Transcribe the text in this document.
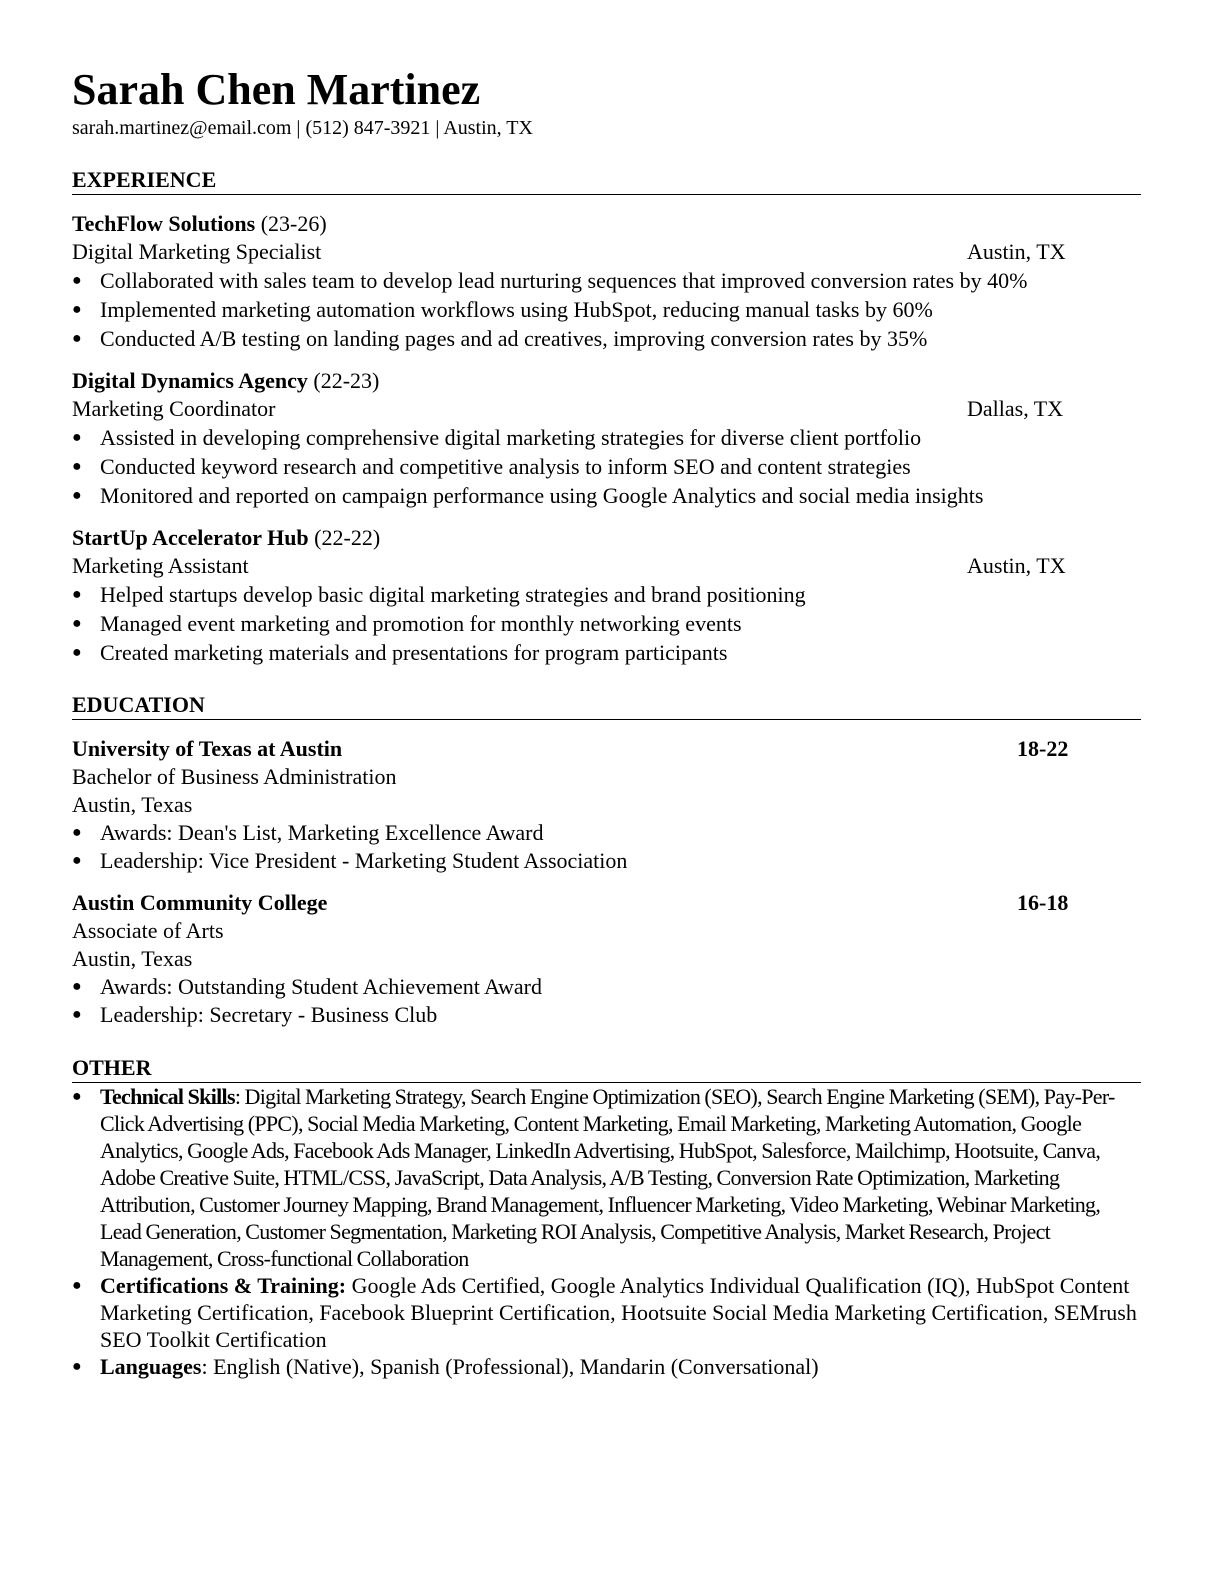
Sarah Chen Martinez
sarah.martinez@email.com | (512) 847-3921 | Austin, TX
EXPERIENCE
TechFlow Solutions (23-26)
Digital Marketing Specialist	Austin, TX
● Collaborated with sales team to develop lead nurturing sequences that improved conversion rates by 40%
● Implemented marketing automation workflows using HubSpot, reducing manual tasks by 60%
● Conducted A/B testing on landing pages and ad creatives, improving conversion rates by 35%
Digital Dynamics Agency (22-23)
Marketing Coordinator	Dallas, TX
● Assisted in developing comprehensive digital marketing strategies for diverse client portfolio
● Conducted keyword research and competitive analysis to inform SEO and content strategies
● Monitored and reported on campaign performance using Google Analytics and social media insights
StartUp Accelerator Hub (22-22)
Marketing Assistant	Austin, TX
● Helped startups develop basic digital marketing strategies and brand positioning
● Managed event marketing and promotion for monthly networking events
● Created marketing materials and presentations for program participants
EDUCATION
University of Texas at Austin	18-22
Bachelor of Business Administration
Austin, Texas
● Awards: Dean's List, Marketing Excellence Award
● Leadership: Vice President - Marketing Student Association
Austin Community College	16-18
Associate of Arts
Austin, Texas
● Awards: Outstanding Student Achievement Award
● Leadership: Secretary - Business Club
OTHER
● Technical Skills: Digital Marketing Strategy, Search Engine Optimization (SEO), Search Engine Marketing (SEM), Pay-Per-Click Advertising (PPC), Social Media Marketing, Content Marketing, Email Marketing, Marketing Automation, Google Analytics, Google Ads, Facebook Ads Manager, LinkedIn Advertising, HubSpot, Salesforce, Mailchimp, Hootsuite, Canva, Adobe Creative Suite, HTML/CSS, JavaScript, Data Analysis, A/B Testing, Conversion Rate Optimization, Marketing Attribution, Customer Journey Mapping, Brand Management, Influencer Marketing, Video Marketing, Webinar Marketing, Lead Generation, Customer Segmentation, Marketing ROI Analysis, Competitive Analysis, Market Research, Project Management, Cross-functional Collaboration
● Certifications & Training: Google Ads Certified, Google Analytics Individual Qualification (IQ), HubSpot Content Marketing Certification, Facebook Blueprint Certification, Hootsuite Social Media Marketing Certification, SEMrush SEO Toolkit Certification
● Languages: English (Native), Spanish (Professional), Mandarin (Conversational)
